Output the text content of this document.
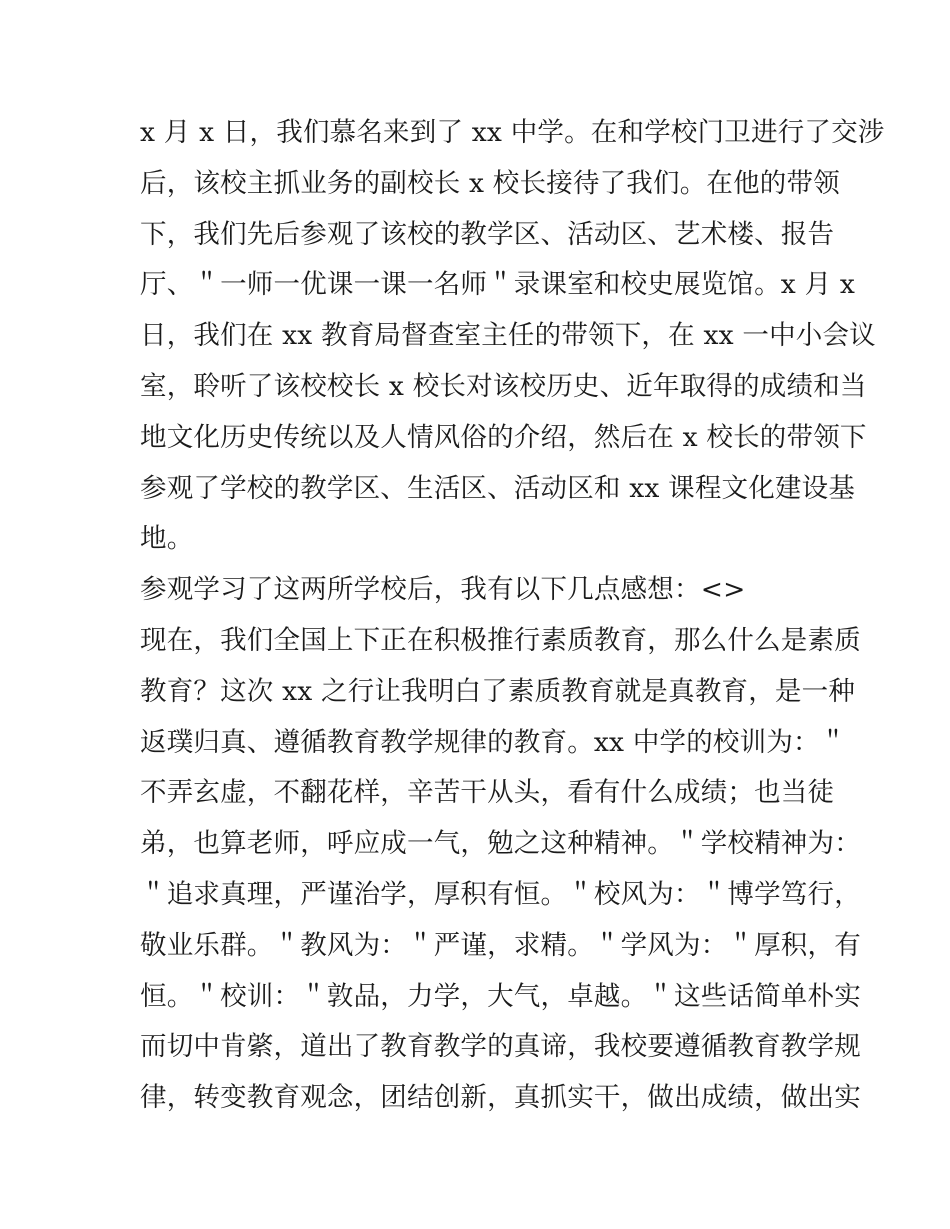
x 月 x 日，我们慕名来到了 xx 中学。在和学校门卫进行了交涉
后，该校主抓业务的副校长 x 校长接待了我们。在他的带领
下，我们先后参观了该校的教学区、活动区、艺术楼、报告
厅、＂一师一优课一课一名师＂录课室和校史展览馆。x 月 x
日，我们在 xx 教育局督查室主任的带领下，在 xx 一中小会议
室，聆听了该校校长 x 校长对该校历史、近年取得的成绩和当
地文化历史传统以及人情风俗的介绍，然后在 x 校长的带领下
参观了学校的教学区、生活区、活动区和 xx 课程文化建设基
地。
参观学习了这两所学校后，我有以下几点感想：<>
现在，我们全国上下正在积极推行素质教育，那么什么是素质
教育？这次 xx 之行让我明白了素质教育就是真教育，是一种
返璞归真、遵循教育教学规律的教育。xx 中学的校训为：＂
不弄玄虚，不翻花样，辛苦干从头，看有什么成绩；也当徒
弟，也算老师，呼应成一气，勉之这种精神。＂学校精神为：
＂追求真理，严谨治学，厚积有恒。＂校风为：＂博学笃行，
敬业乐群。＂教风为：＂严谨，求精。＂学风为：＂厚积，有
恒。＂校训：＂敦品，力学，大气，卓越。＂这些话简单朴实
而切中肯綮，道出了教育教学的真谛，我校要遵循教育教学规
律，转变教育观念，团结创新，真抓实干，做出成绩，做出实
